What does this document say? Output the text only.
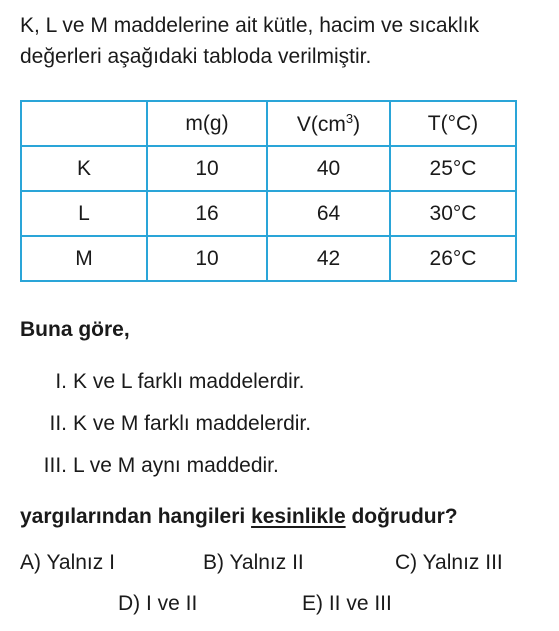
K, L ve M maddelerine ait kütle, hacim ve sıcaklık değerleri aşağıdaki tabloda verilmiştir.

	m(g)	$V(cm^3)$	T(°C)
K	10	40	25°C
L	16	64	30°C
M	10	42	26°C

Buna göre,

I. K ve L farklı maddelerdir.
II. K ve M farklı maddelerdir.
III. L ve M aynı maddedir.

yargılarından hangileri kesinlikle doğrudur?

A) Yalnız I	B) Yalnız II	C) Yalnız III

D) I ve II	E) II ve III
